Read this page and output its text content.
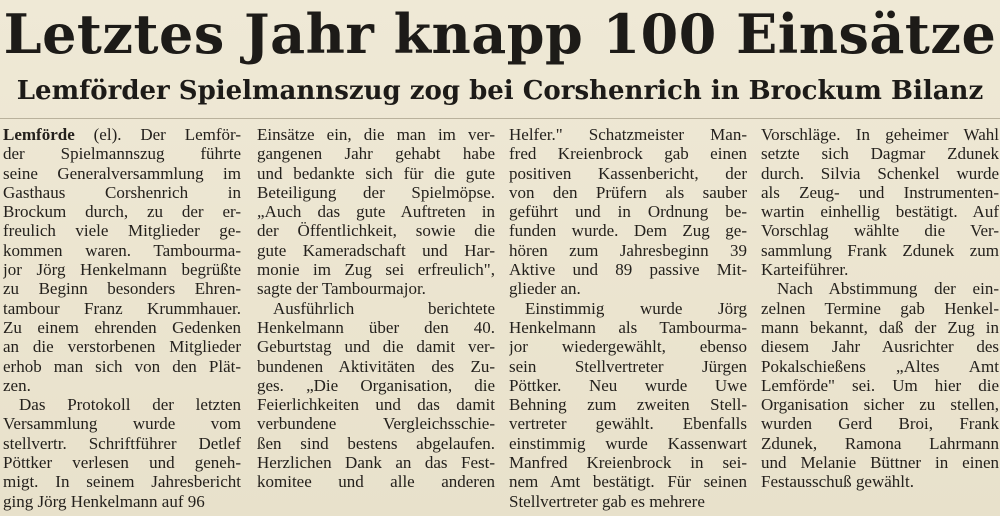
Letztes Jahr knapp 100 Einsätze
Lemförder Spielmannszug zog bei Corshenrich in Brockum Bilanz
Lemförde (el). Der Lemför-
der Spielmannszug führte
seine Generalversammlung im
Gasthaus Corshenrich in
Brockum durch, zu der er-
freulich viele Mitglieder ge-
kommen waren. Tambourma-
jor Jörg Henkelmann begrüßte
zu Beginn besonders Ehren-
tambour Franz Krummhauer.
Zu einem ehrenden Gedenken
an die verstorbenen Mitglieder
erhob man sich von den Plät-
zen.
Das Protokoll der letzten
Versammlung wurde vom
stellvertr. Schriftführer Detlef
Pöttker verlesen und geneh-
migt. In seinem Jahresbericht
ging Jörg Henkelmann auf 96
Einsätze ein, die man im ver-
gangenen Jahr gehabt habe
und bedankte sich für die gute
Beteiligung der Spielmöpse.
„Auch das gute Auftreten in
der Öffentlichkeit, sowie die
gute Kameradschaft und Har-
monie im Zug sei erfreulich",
sagte der Tambourmajor.
Ausführlich berichtete
Henkelmann über den 40.
Geburtstag und die damit ver-
bundenen Aktivitäten des Zu-
ges. „Die Organisation, die
Feierlichkeiten und das damit
verbundene Vergleichsschie-
ßen sind bestens abgelaufen.
Herzlichen Dank an das Fest-
komitee und alle anderen
Helfer." Schatzmeister Man-
fred Kreienbrock gab einen
positiven Kassenbericht, der
von den Prüfern als sauber
geführt und in Ordnung be-
funden wurde. Dem Zug ge-
hören zum Jahresbeginn 39
Aktive und 89 passive Mit-
glieder an.
Einstimmig wurde Jörg
Henkelmann als Tambourma-
jor wiedergewählt, ebenso
sein Stellvertreter Jürgen
Pöttker. Neu wurde Uwe
Behning zum zweiten Stell-
vertreter gewählt. Ebenfalls
einstimmig wurde Kassenwart
Manfred Kreienbrock in sei-
nem Amt bestätigt. Für seinen
Stellvertreter gab es mehrere
Vorschläge. In geheimer Wahl
setzte sich Dagmar Zdunek
durch. Silvia Schenkel wurde
als Zeug- und Instrumenten-
wartin einhellig bestätigt. Auf
Vorschlag wählte die Ver-
sammlung Frank Zdunek zum
Karteiführer.
Nach Abstimmung der ein-
zelnen Termine gab Henkel-
mann bekannt, daß der Zug in
diesem Jahr Ausrichter des
Pokalschießens „Altes Amt
Lemförde" sei. Um hier die
Organisation sicher zu stellen,
wurden Gerd Broi, Frank
Zdunek, Ramona Lahrmann
und Melanie Büttner in einen
Festausschuß gewählt.
